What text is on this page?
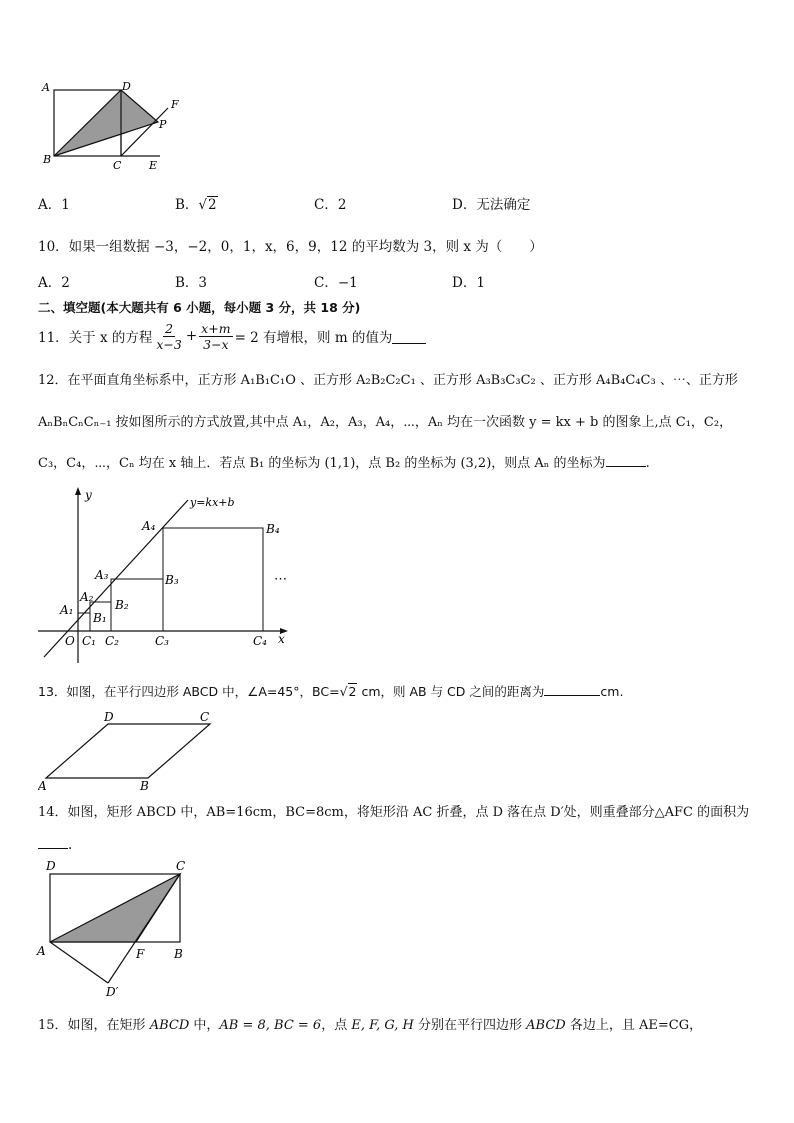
A	D
F
P
B	C	E
A．1	B．√2	C．2	D．无法确定
10．如果一组数据 −3，−2，0，1，x，6，9，12 的平均数为 3，则 x 为（　　）
A．2	B．3	C．−1	D．1
二、填空题(本大题共有 6 小题，每小题 3 分，共 18 分)
11．关于 x 的方程 $\frac{2}{x-3} + \frac{x+m}{3-x} = 2$ 有增根，则 m 的值为
12．在平面直角坐标系中，正方形 A₁B₁C₁O 、正方形 A₂B₂C₂C₁ 、正方形 A₃B₃C₃C₂ 、正方形 A₄B₄C₄C₃ 、⋯、正方形
AₙBₙCₙCₙ₋₁ 按如图所示的方式放置,其中点 A₁，A₂，A₃，A₄，⋯，Aₙ 均在一次函数 y = kx + b 的图象上,点 C₁，C₂，
C₃，C₄，⋯，Cₙ 均在 x 轴上．若点 B₁ 的坐标为 (1,1)，点 B₂ 的坐标为 (3,2)，则点 Aₙ 的坐标为	.
y
x
y=kx+b
O
A₁
A₂
A₃
A₄
B₁
B₂
B₃
B₄
C₁ C₂	C₃	C₄
⋯
13．如图，在平行四边形 ABCD 中，∠A=45°，BC=√2 cm，则 AB 与 CD 之间的距离为	cm.
D	C
A	B
14．如图，矩形 ABCD 中，AB=16cm，BC=8cm，将矩形沿 AC 折叠，点 D 落在点 D′处，则重叠部分△AFC 的面积为
.
D	C
A	F B
D′
15．如图，在矩形 ABCD 中，AB = 8, BC = 6，点 E, F, G, H 分别在平行四边形 ABCD 各边上，且 AE=CG，
